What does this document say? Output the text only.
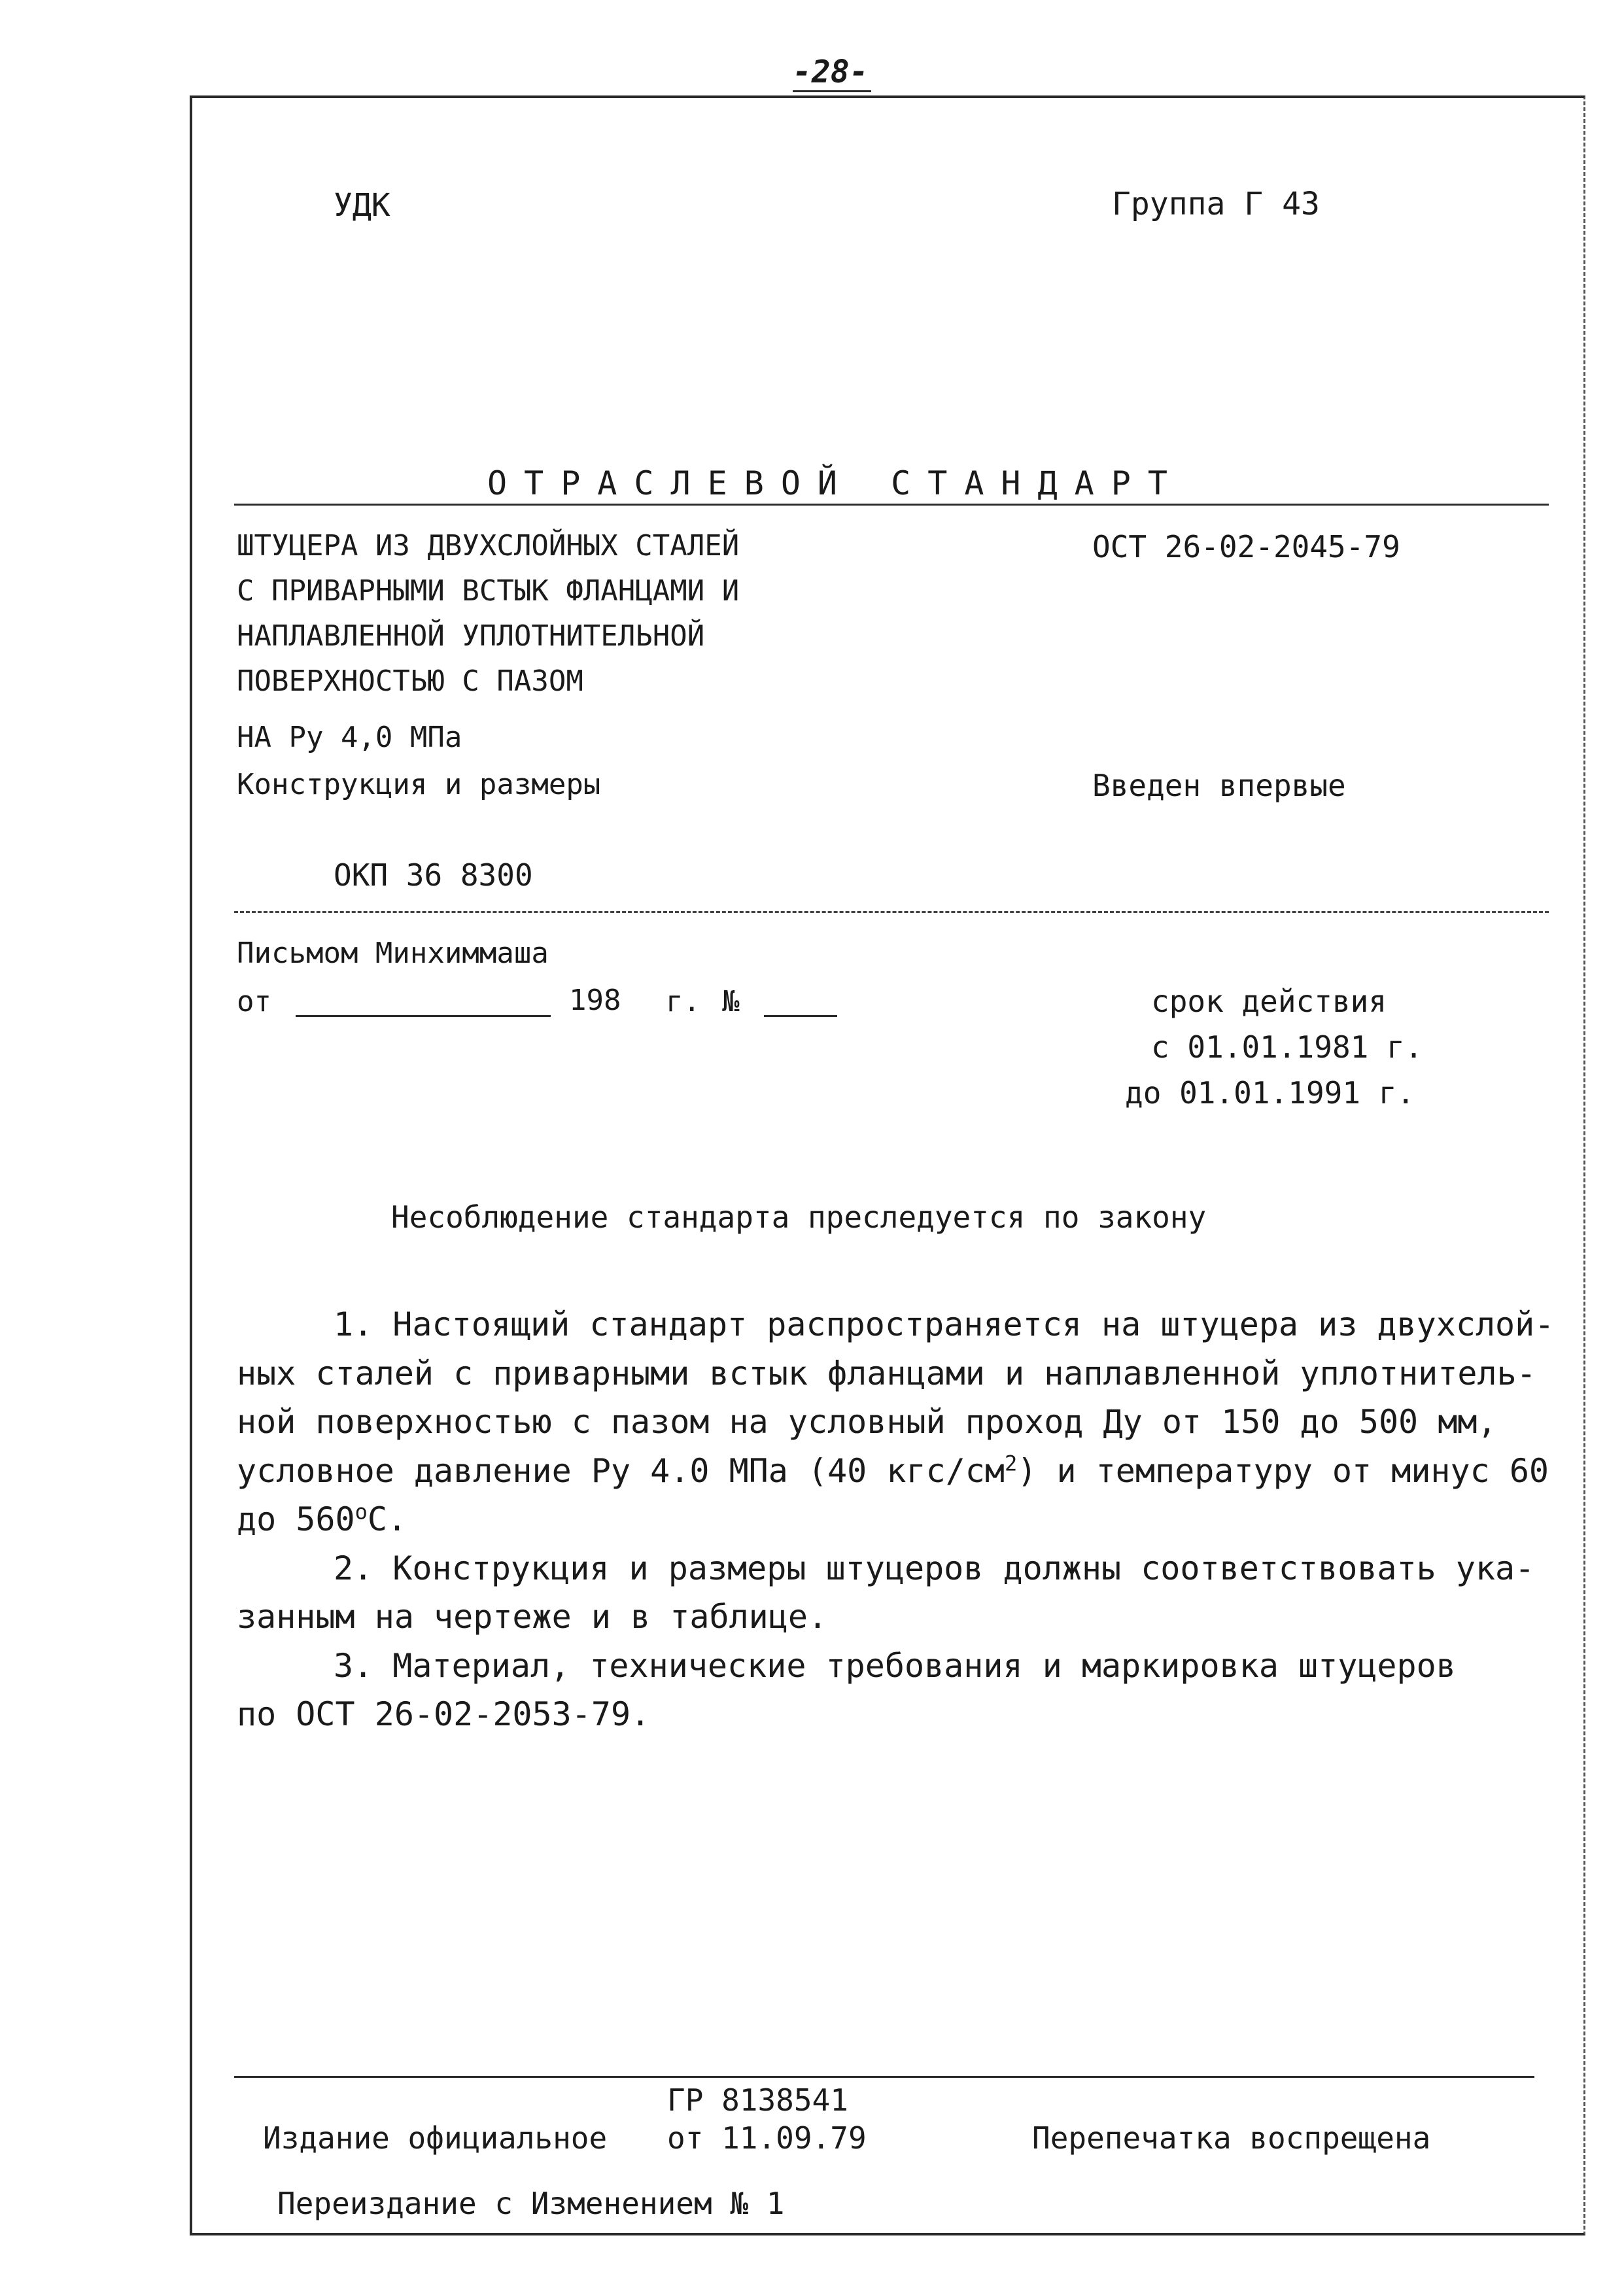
-28-
УДК	Группа Г 43
ОТРАСЛЕВОЙ СТАНДАРТ
ШТУЦЕРА ИЗ ДВУХСЛОЙНЫХ СТАЛЕЙ
С ПРИВАРНЫМИ ВСТЫК ФЛАНЦАМИ И
НАПЛАВЛЕННОЙ УПЛОТНИТЕЛЬНОЙ
ПОВЕРХНОСТЬЮ С ПАЗОМ
НА Ру 4,0 МПа
Конструкция и размеры
ОСТ 26-02-2045-79
Введен впервые
ОКП 36 8300
Письмом Минхиммаша
от	198 г. №	срок действия
с 01.01.1981 г.
до 01.01.1991 г.
Несоблюдение стандарта преследуется по закону
1. Настоящий стандарт распространяется на штуцера из двухслой-
ных сталей с приварными встык фланцами и наплавленной уплотнитель-
ной поверхностью с пазом на условный проход Ду от 150 до 500 мм,
условное давление Ру 4.0 МПа (40 кгс/$см^2$) и температуру от минус 60
до $560^оС$.
2. Конструкция и размеры штуцеров должны соответствовать ука-
занным на чертеже и в таблице.
3. Материал, технические требования и маркировка штуцеров
по ОСТ 26-02-2053-79.
ГР 8138541
Издание официальное от 11.09.79	Перепечатка воспрещена
Переиздание с Изменением № 1
